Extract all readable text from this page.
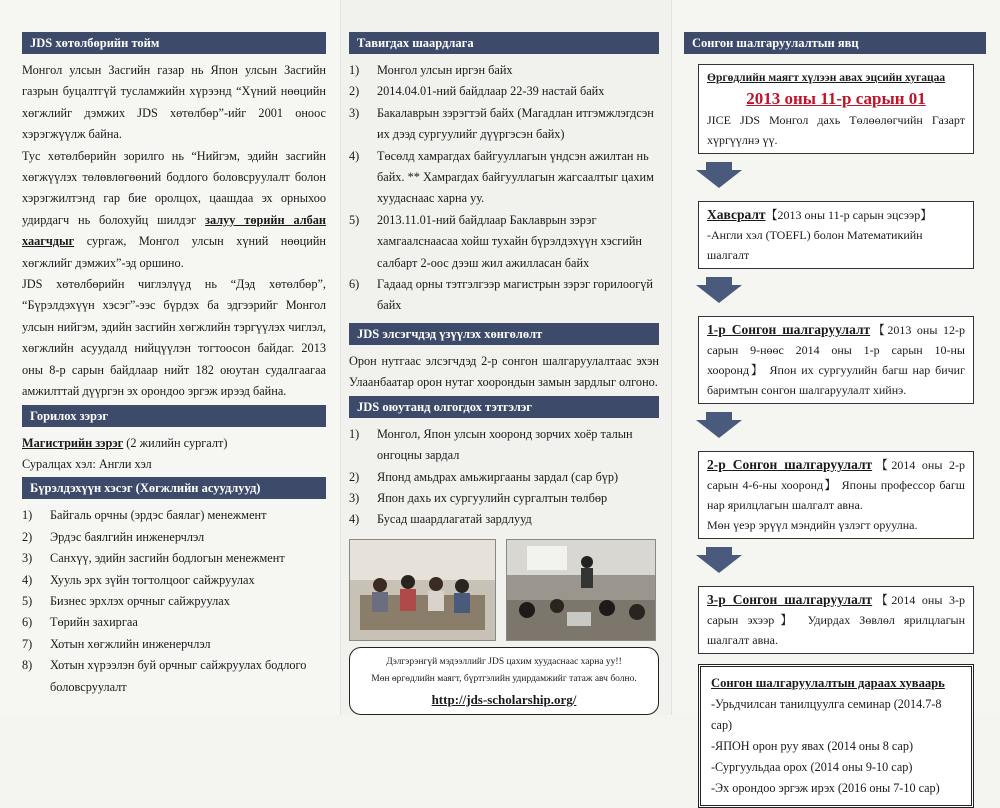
JDS хөтөлбөрийн тойм

Монгол улсын Засгийн газар нь Япон улсын Засгийн газрын буцалтгүй тусламжийн хүрээнд “Хүний нөөцийн хөгжлийг дэмжих JDS хөтөлбөр”-ийг 2001 оноос хэрэгжүүлж байна.

Тус хөтөлбөрийн зорилго нь “Нийгэм, эдийн засгийн хөгжүүлэх төлөвлөгөөний бодлого боловсруулалт болон хэрэгжилтэнд гар бие оролцох, цаашдаа эх орныхоо удирдагч нь болохуйц шилдэг залуу төрийн албан хаагчдыг сургаж, Монгол улсын хүний нөөцийн хөгжлийг дэмжих”-эд оршино.

JDS хөтөлбөрийн чиглэлүүд нь “Дэд хөтөлбөр”, “Бүрэлдэхүүн хэсэг”-ээс бүрдэх ба эдгээрийг Монгол улсын нийгэм, эдийн засгийн хөгжлийн тэргүүлэх чиглэл, хөгжлийн асуудалд нийцүүлэн тогтоосон байдаг. 2013 оны 8-р сарын байдлаар нийт 182 оюутан судалгаагаа амжилттай дүүргэн эх орондоо эргэж ирээд байна.

Горилох зэрэг

Магистрийн зэрэг (2 жилийн сургалт)

Суралцах хэл: Англи хэл

Бүрэлдэхүүн хэсэг (Хөгжлийн асуудлууд)
1)	Байгаль орчны (эрдэс баялаг) менежмент
2)	Эрдэс баялгийн инженерчлэл
3)	Санхүү, эдийн засгийн бодлогын менежмент
4)	Хууль эрх зүйн тогтолцоог сайжруулах
5)	Бизнес эрхлэх орчныг сайжруулах
6)	Төрийн захиргаа
7)	Хотын хөгжлийн инженерчлэл
8)	Хотын хүрээлэн буй орчныг сайжруулах бодлого боловсруулалт
Тавигдах шаардлага
1)	Монгол улсын иргэн байх
2)	2014.04.01-ний байдлаар 22-39 настай байх
3)	Бакалаврын зэрэгтэй байх (Магадлан итгэмжлэгдсэн их дээд сургуулийг дүүргэсэн байх)
4)	Төсөлд хамрагдах байгууллагын үндсэн ажилтан нь байх. ** Хамрагдах байгууллагын жагсаалтыг цахим хуудаснаас харна уу.
5)	2013.11.01-ний байдлаар Баклаврын зэрэг хамгаалснаасаа хойш тухайн бүрэлдэхүүн хэсгийн салбарт 2-оос дээш жил ажилласан байх
6)	Гадаад орны тэтгэлгээр магистрын зэрэг горилоогүй байх
JDS элсэгчдэд үзүүлэх хөнгөлөлт

Орон нутгаас элсэгчдэд 2-р сонгон шалгаруулалтаас эхэн Улаанбаатар орон нутаг хоорондын замын зардлыг олгоно.

JDS оюутанд олгогдох тэтгэлэг
1)	Монгол, Япон улсын хооронд зорчих хоёр талын онгоцны зардал
2)	Японд амьдрах амьжиргааны зардал (сар бүр)
3)	Япон дахь их сургуулийн сургалтын төлбөр
4)	Бусад шаардлагатай зардлууд
Дэлгэрэнгүй мэдээллийг JDS цахим хуудаснаас харна уу!!
Мөн өргөдлийн маягт, бүртгэлийн удирдамжийг татаж авч болно.
http://jds-scholarship.org/
Сонгон шалгаруулалтын явц
Өргөдлийн маягт хүлээн авах эцсийн хугацаа
2013 оны 11-р сарын 01
JICE JDS Монгол дахь Төлөөлөгчийн Газарт хүргүүлнэ үү.
Хавсралт【2013 оны 11-р сарын эцсээр】
-Англи хэл (TOEFL) болон Математикийн шалгалт
1-р Сонгон шалгаруулалт【2013 оны 12-р сарын 9-нөөс 2014 оны 1-р сарын 10-ны хооронд】 Япон их сургуулийн багш нар бичиг баримтын сонгон шалгаруулалт хийнэ.
2-р Сонгон шалгаруулалт【2014 оны 2-р сарын 4-6-ны хооронд】 Японы профессор багш нар ярилцлагын шалгалт авна.
Мөн үеэр эрүүл мэндийн үзлэгт оруулна.
3-р Сонгон шалгаруулалт【2014 оны 3-р сарын эхээр】 Удирдах Зөвлөл ярилцлагын шалгалт авна.
Сонгон шалгаруулалтын дараах хуваарь
-Урьдчилсан танилцуулга семинар (2014.7-8 сар)
-ЯПОН орон руу явах (2014 оны 8 сар)
-Сургуульдаа орох (2014 оны 9-10 сар)
-Эх орондоо эргэж ирэх (2016 оны 7-10 сар)
